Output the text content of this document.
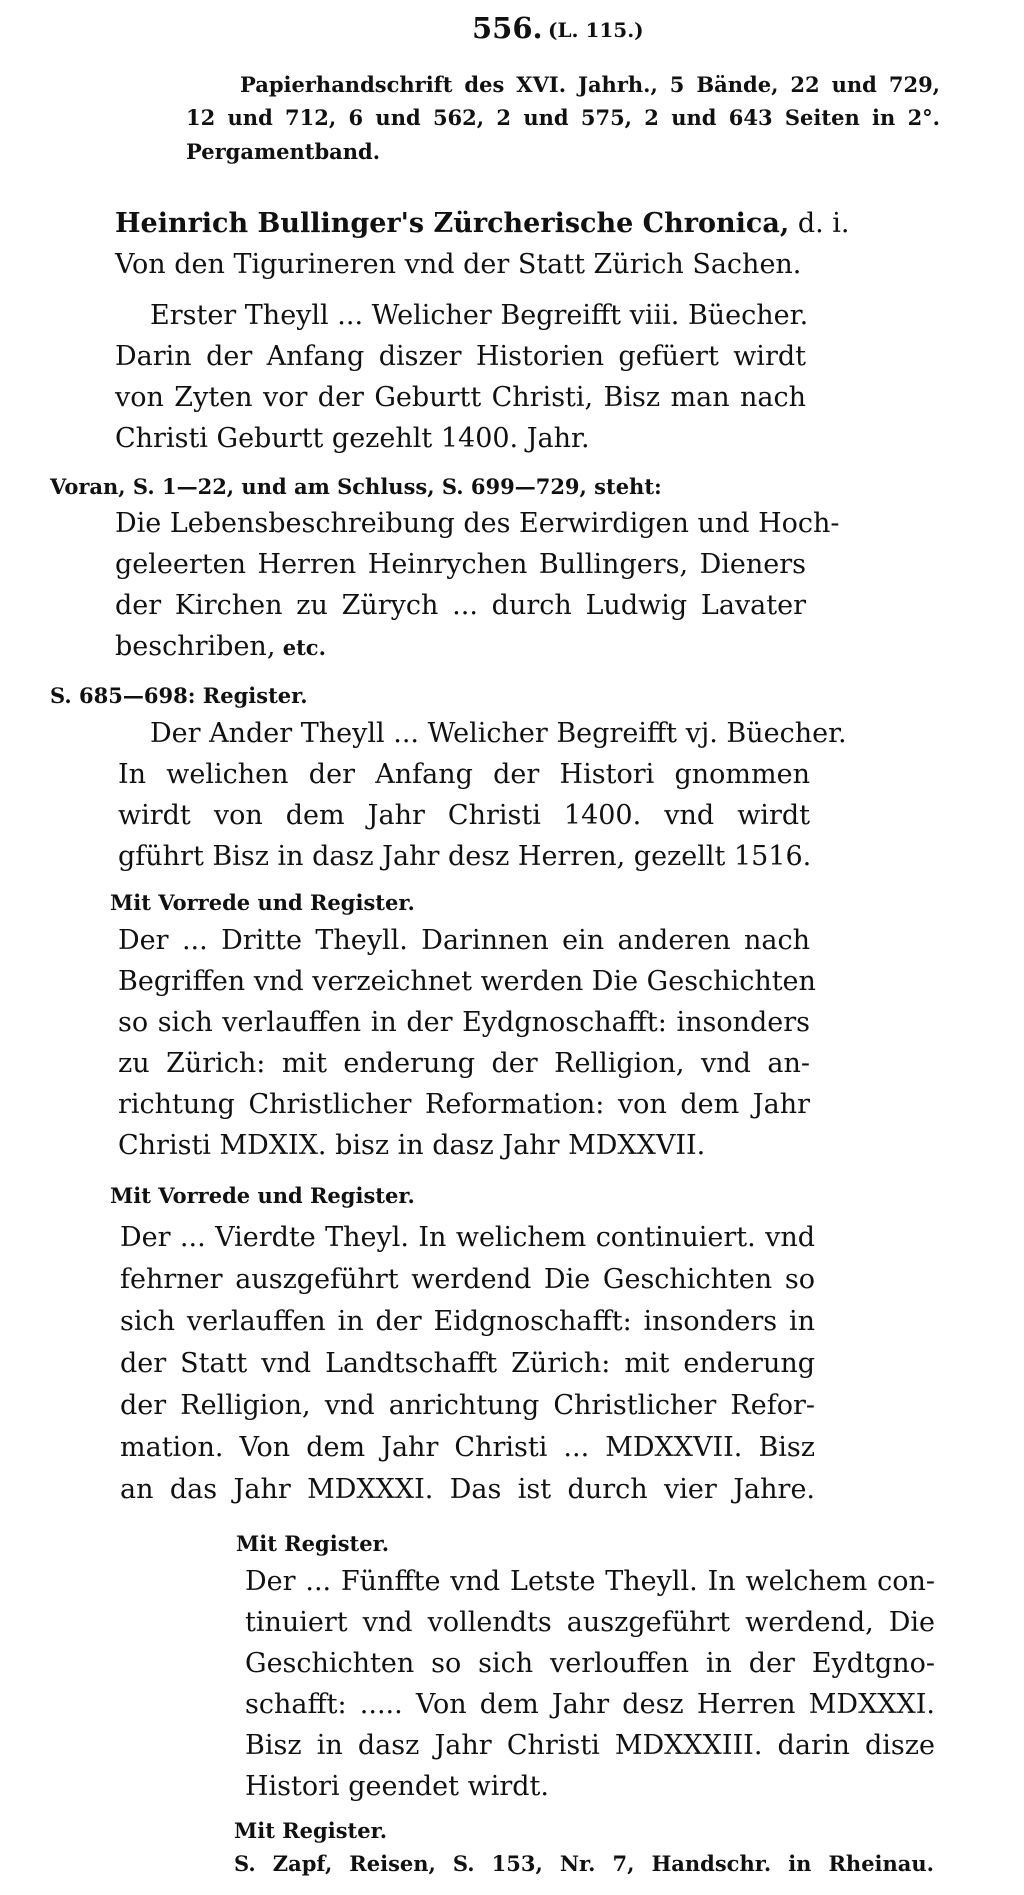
556. (L. 115.)
Papierhandschrift des XVI. Jahrh., 5 Bände, 22 und 729,
12 und 712, 6 und 562, 2 und 575, 2 und 643 Seiten in 2°.
Pergamentband.
Heinrich Bullinger's Zürcherische Chronica, d. i.
Von den Tigurineren vnd der Statt Zürich Sachen.
Erster Theyll ... Welicher Begreifft viii. Büecher.
Darin der Anfang diszer Historien gefüert wirdt
von Zyten vor der Geburtt Christi, Bisz man nach
Christi Geburtt gezehlt 1400. Jahr.
Voran, S. 1—22, und am Schluss, S. 699—729, steht:
Die Lebensbeschreibung des Eerwirdigen und Hoch-
geleerten Herren Heinrychen Bullingers, Dieners
der Kirchen zu Zürych ... durch Ludwig Lavater
beschriben, etc.
S. 685—698: Register.
Der Ander Theyll ... Welicher Begreifft vj. Büecher.
In welichen der Anfang der Histori gnommen
wirdt von dem Jahr Christi 1400. vnd wirdt
gführt Bisz in dasz Jahr desz Herren, gezellt 1516.
Mit Vorrede und Register.
Der ... Dritte Theyll. Darinnen ein anderen nach
Begriffen vnd verzeichnet werden Die Geschichten
so sich verlauffen in der Eydgnoschafft: insonders
zu Zürich: mit enderung der Relligion, vnd an-
richtung Christlicher Reformation: von dem Jahr
Christi MDXIX. bisz in dasz Jahr MDXXVII.
Mit Vorrede und Register.
Der ... Vierdte Theyl. In welichem continuiert. vnd
fehrner auszgeführt werdend Die Geschichten so
sich verlauffen in der Eidgnoschafft: insonders in
der Statt vnd Landtschafft Zürich: mit enderung
der Relligion, vnd anrichtung Christlicher Refor-
mation. Von dem Jahr Christi ... MDXXVII. Bisz
an das Jahr MDXXXI. Das ist durch vier Jahre.
Mit Register.
Der ... Fünffte vnd Letste Theyll. In welchem con-
tinuiert vnd vollendts auszgeführt werdend, Die
Geschichten so sich verlouffen in der Eydtgno-
schafft: ..... Von dem Jahr desz Herren MDXXXI.
Bisz in dasz Jahr Christi MDXXXIII. darin disze
Histori geendet wirdt.
Mit Register.
S. Zapf, Reisen, S. 153, Nr. 7, Handschr. in Rheinau.
